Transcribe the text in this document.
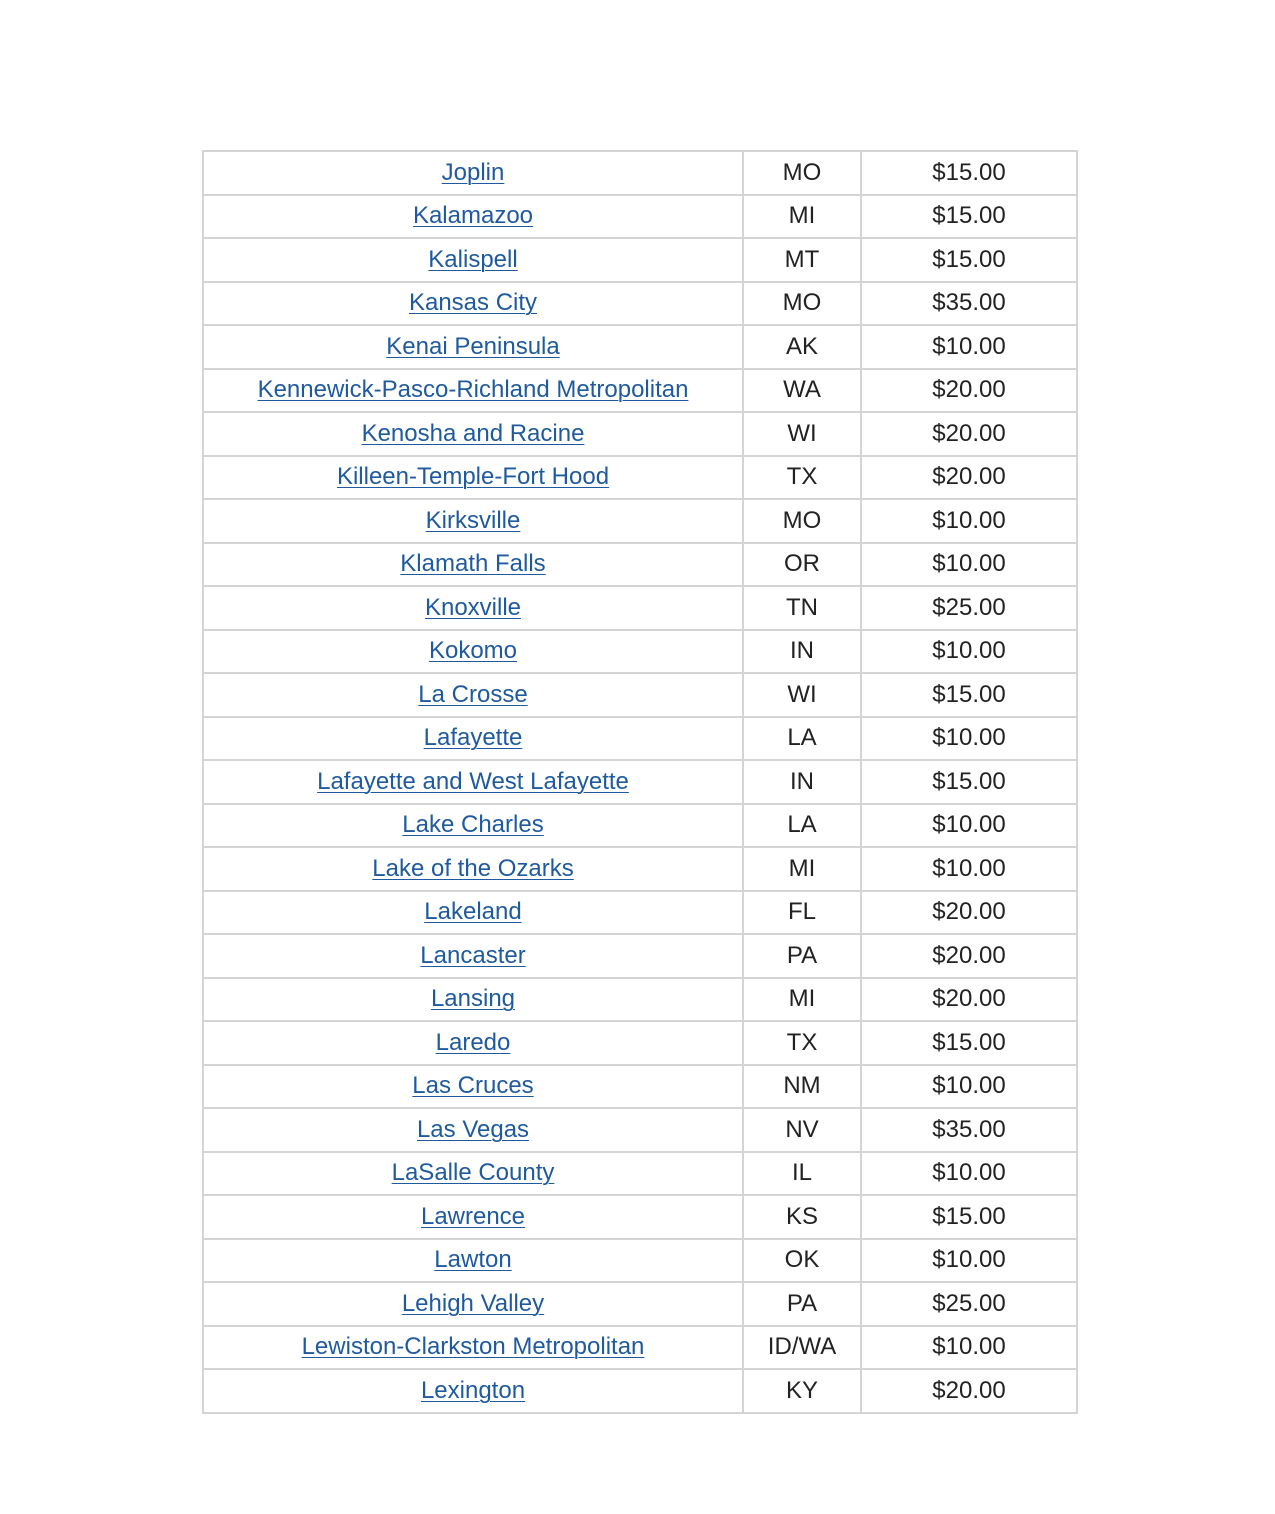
Joplin	MO	$15.00
Kalamazoo	MI	$15.00
Kalispell	MT	$15.00
Kansas City	MO	$35.00
Kenai Peninsula	AK	$10.00
Kennewick-Pasco-Richland Metropolitan	WA	$20.00
Kenosha and Racine	WI	$20.00
Killeen-Temple-Fort Hood	TX	$20.00
Kirksville	MO	$10.00
Klamath Falls	OR	$10.00
Knoxville	TN	$25.00
Kokomo	IN	$10.00
La Crosse	WI	$15.00
Lafayette	LA	$10.00
Lafayette and West Lafayette	IN	$15.00
Lake Charles	LA	$10.00
Lake of the Ozarks	MI	$10.00
Lakeland	FL	$20.00
Lancaster	PA	$20.00
Lansing	MI	$20.00
Laredo	TX	$15.00
Las Cruces	NM	$10.00
Las Vegas	NV	$35.00
LaSalle County	IL	$10.00
Lawrence	KS	$15.00
Lawton	OK	$10.00
Lehigh Valley	PA	$25.00
Lewiston-Clarkston Metropolitan	ID/WA	$10.00
Lexington	KY	$20.00
